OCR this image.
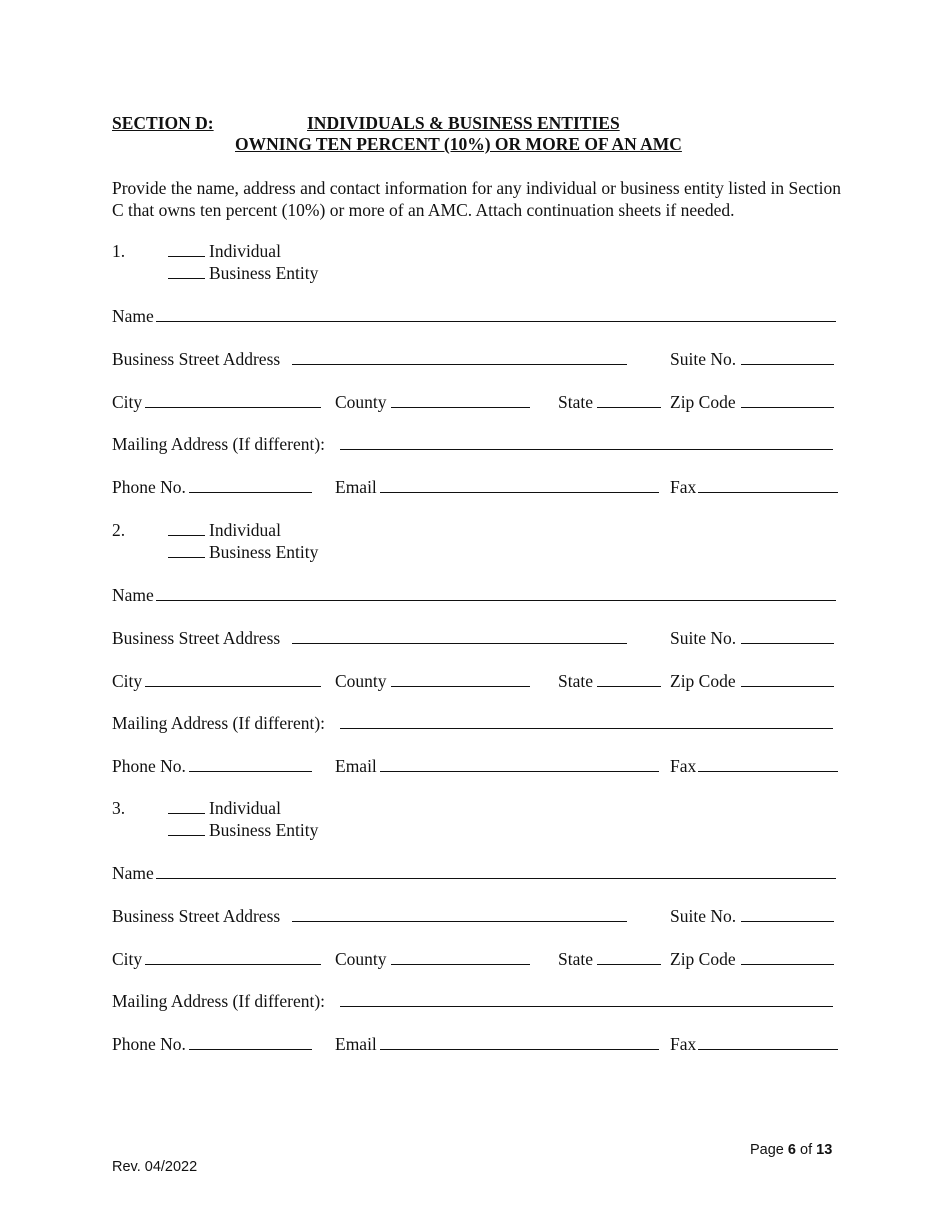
SECTION D:	INDIVIDUALS & BUSINESS ENTITIES
OWNING TEN PERCENT (10%) OR MORE OF AN AMC
Provide the name, address and contact information for any individual or business entity listed in Section C that owns ten percent (10%) or more of an AMC. Attach continuation sheets if needed.
1.	Individual
Business Entity
Name
Business Street Address	Suite No.
City	County	State	Zip Code
Mailing Address (If different):
Phone No.	Email	Fax
2.	Individual
Business Entity
Name
Business Street Address	Suite No.
City	County	State	Zip Code
Mailing Address (If different):
Phone No.	Email	Fax
3.	Individual
Business Entity
Name
Business Street Address	Suite No.
City	County	State	Zip Code
Mailing Address (If different):
Phone No.	Email	Fax
Page 6 of 13
Rev. 04/2022
